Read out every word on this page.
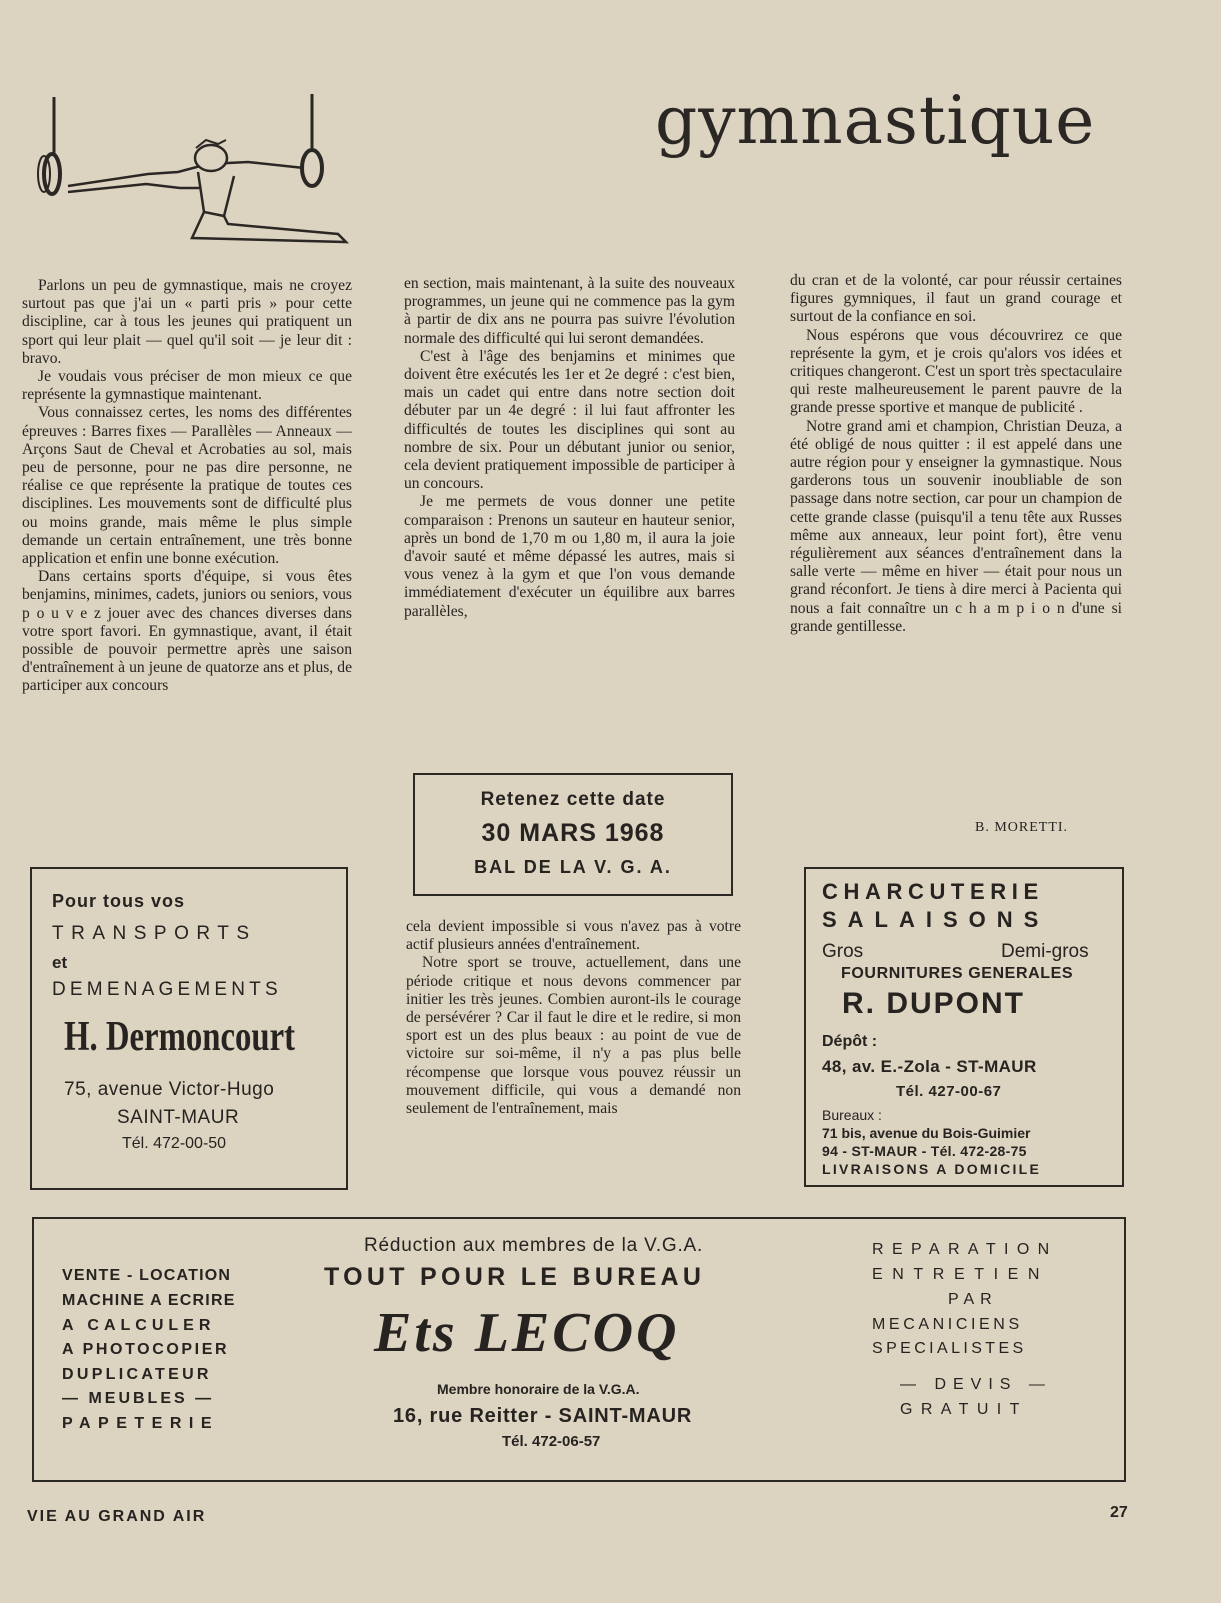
gymnastique

Parlons un peu de gymnastique, mais ne croyez surtout pas que j'ai un « parti pris » pour cette discipline, car à tous les jeunes qui pratiquent un sport qui leur plait — quel qu'il soit — je leur dit : bravo.

Je voudais vous préciser de mon mieux ce que représente la gymnastique maintenant.

Vous connaissez certes, les noms des différentes épreuves : Barres fixes — Parallèles — Anneaux — Arçons Saut de Cheval et Acrobaties au sol, mais peu de personne, pour ne pas dire personne, ne réalise ce que représente la pratique de toutes ces disciplines. Les mouvements sont de difficulté plus ou moins grande, mais même le plus simple demande un certain entraînement, une très bonne application et enfin une bonne exécution.

Dans certains sports d'équipe, si vous êtes benjamins, minimes, cadets, juniors ou seniors, vous p o u v e z jouer avec des chances diverses dans votre sport favori. En gymnastique, avant, il était possible de pouvoir permettre après une saison d'entraînement à un jeune de quatorze ans et plus, de participer aux concours

en section, mais maintenant, à la suite des nouveaux programmes, un jeune qui ne commence pas la gym à partir de dix ans ne pourra pas suivre l'évolution normale des difficulté qui lui seront demandées.

C'est à l'âge des benjamins et minimes que doivent être exécutés les 1er et 2e degré : c'est bien, mais un cadet qui entre dans notre section doit débuter par un 4e degré : il lui faut affronter les difficultés de toutes les disciplines qui sont au nombre de six. Pour un débutant junior ou senior, cela devient pratiquement impossible de participer à un concours.

Je me permets de vous donner une petite comparaison : Prenons un sauteur en hauteur senior, après un bond de 1,70 m ou 1,80 m, il aura la joie d'avoir sauté et même dépassé les autres, mais si vous venez à la gym et que l'on vous demande immédiatement d'exécuter un équilibre aux barres parallèles,

cela devient impossible si vous n'avez pas à votre actif plusieurs années d'entraînement.

Notre sport se trouve, actuellement, dans une période critique et nous devons commencer par initier les très jeunes. Combien auront-ils le courage de persévérer ? Car il faut le dire et le redire, si mon sport est un des plus beaux : au point de vue de victoire sur soi-même, il n'y a pas plus belle récompense que lorsque vous pouvez réussir un mouvement difficile, qui vous a demandé non seulement de l'entraînement, mais

du cran et de la volonté, car pour réussir certaines figures gymniques, il faut un grand courage et surtout de la confiance en soi.

Nous espérons que vous découvrirez ce que représente la gym, et je crois qu'alors vos idées et critiques changeront. C'est un sport très spectaculaire qui reste malheureusement le parent pauvre de la grande presse sportive et manque de publicité .

Notre grand ami et champion, Christian Deuza, a été obligé de nous quitter : il est appelé dans une autre région pour y enseigner la gymnastique. Nous garderons tous un souvenir inoubliable de son passage dans notre section, car pour un champion de cette grande classe (puisqu'il a tenu tête aux Russes même aux anneaux, leur point fort), être venu régulièrement aux séances d'entraînement dans la salle verte — même en hiver — était pour nous un grand réconfort. Je tiens à dire merci à Pacienta qui nous a fait connaître un c h a m p i o n d'une si grande gentillesse.

B. MORETTI.
Pour tous vos
TRANSPORTS
et
DEMENAGEMENTS
H. Dermoncourt
75, avenue Victor-Hugo
SAINT-MAUR
Tél. 472-00-50
Retenez cette date
30 MARS 1968
BAL DE LA V. G. A.
CHARCUTERIE
SALAISONS
Gros	Demi-gros
FOURNITURES GENERALES
R. DUPONT
Dépôt :
48, av. E.-Zola - ST-MAUR
Tél. 427-00-67
Bureaux :
71 bis, avenue du Bois-Guimier
94 - ST-MAUR - Tél. 472-28-75
LIVRAISONS A DOMICILE
VENTE - LOCATION
MACHINE A ECRIRE
A CALCULER
A PHOTOCOPIER
DUPLICATEUR
— MEUBLES —
PAPETERIE
Réduction aux membres de la V.G.A.
TOUT POUR LE BUREAU
Ets LECOQ
Membre honoraire de la V.G.A.
16, rue Reitter - SAINT-MAUR
Tél. 472-06-57
REPARATION
ENTRETIEN
PAR
MECANICIENS
SPECIALISTES
— DEVIS —
GRATUIT
VIE AU GRAND AIR	27
